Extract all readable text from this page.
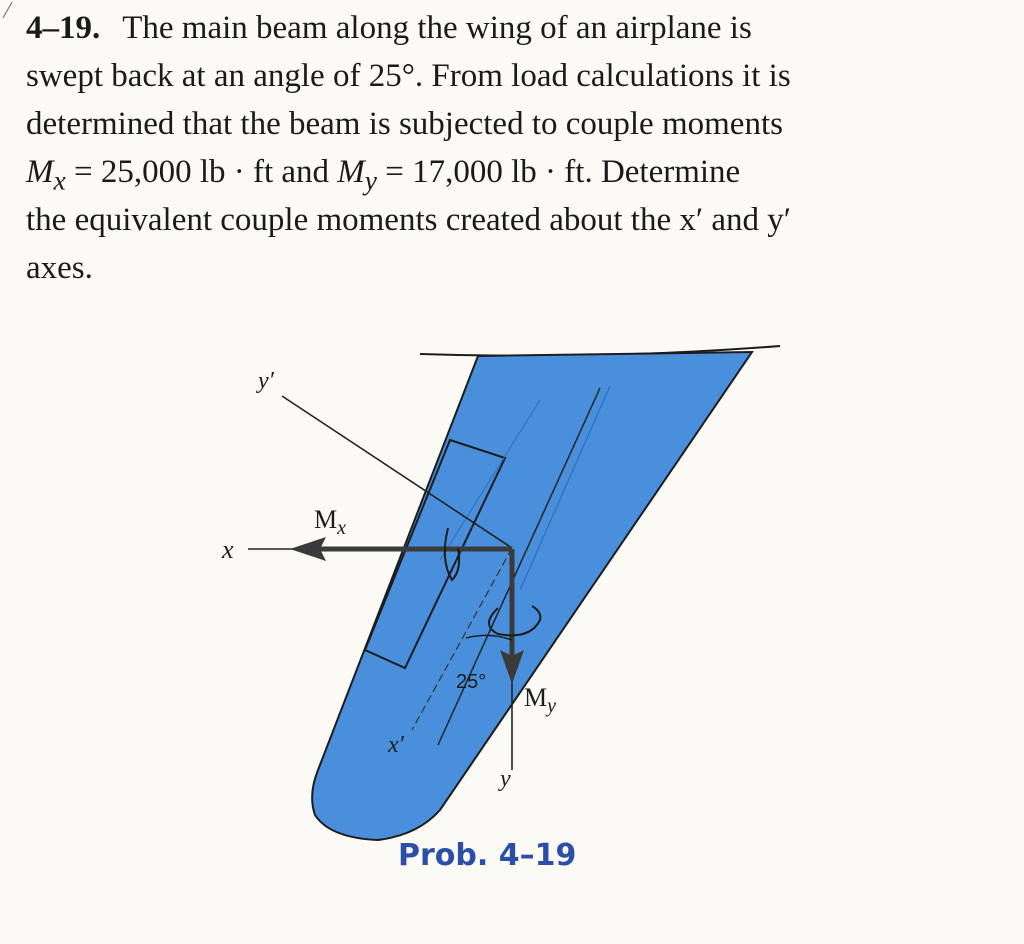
4–19. The main beam along the wing of an airplane is
swept back at an angle of 25°. From load calculations it is
determined that the beam is subjected to couple moments
$M_x = 25,000$ lb · ft and $M_y = 17,000$ lb · ft. Determine
the equivalent couple moments created about the x′ and y′
axes.
y′
x
$M_x$
25°
$M_y$
x′
y
Prob. 4–19
